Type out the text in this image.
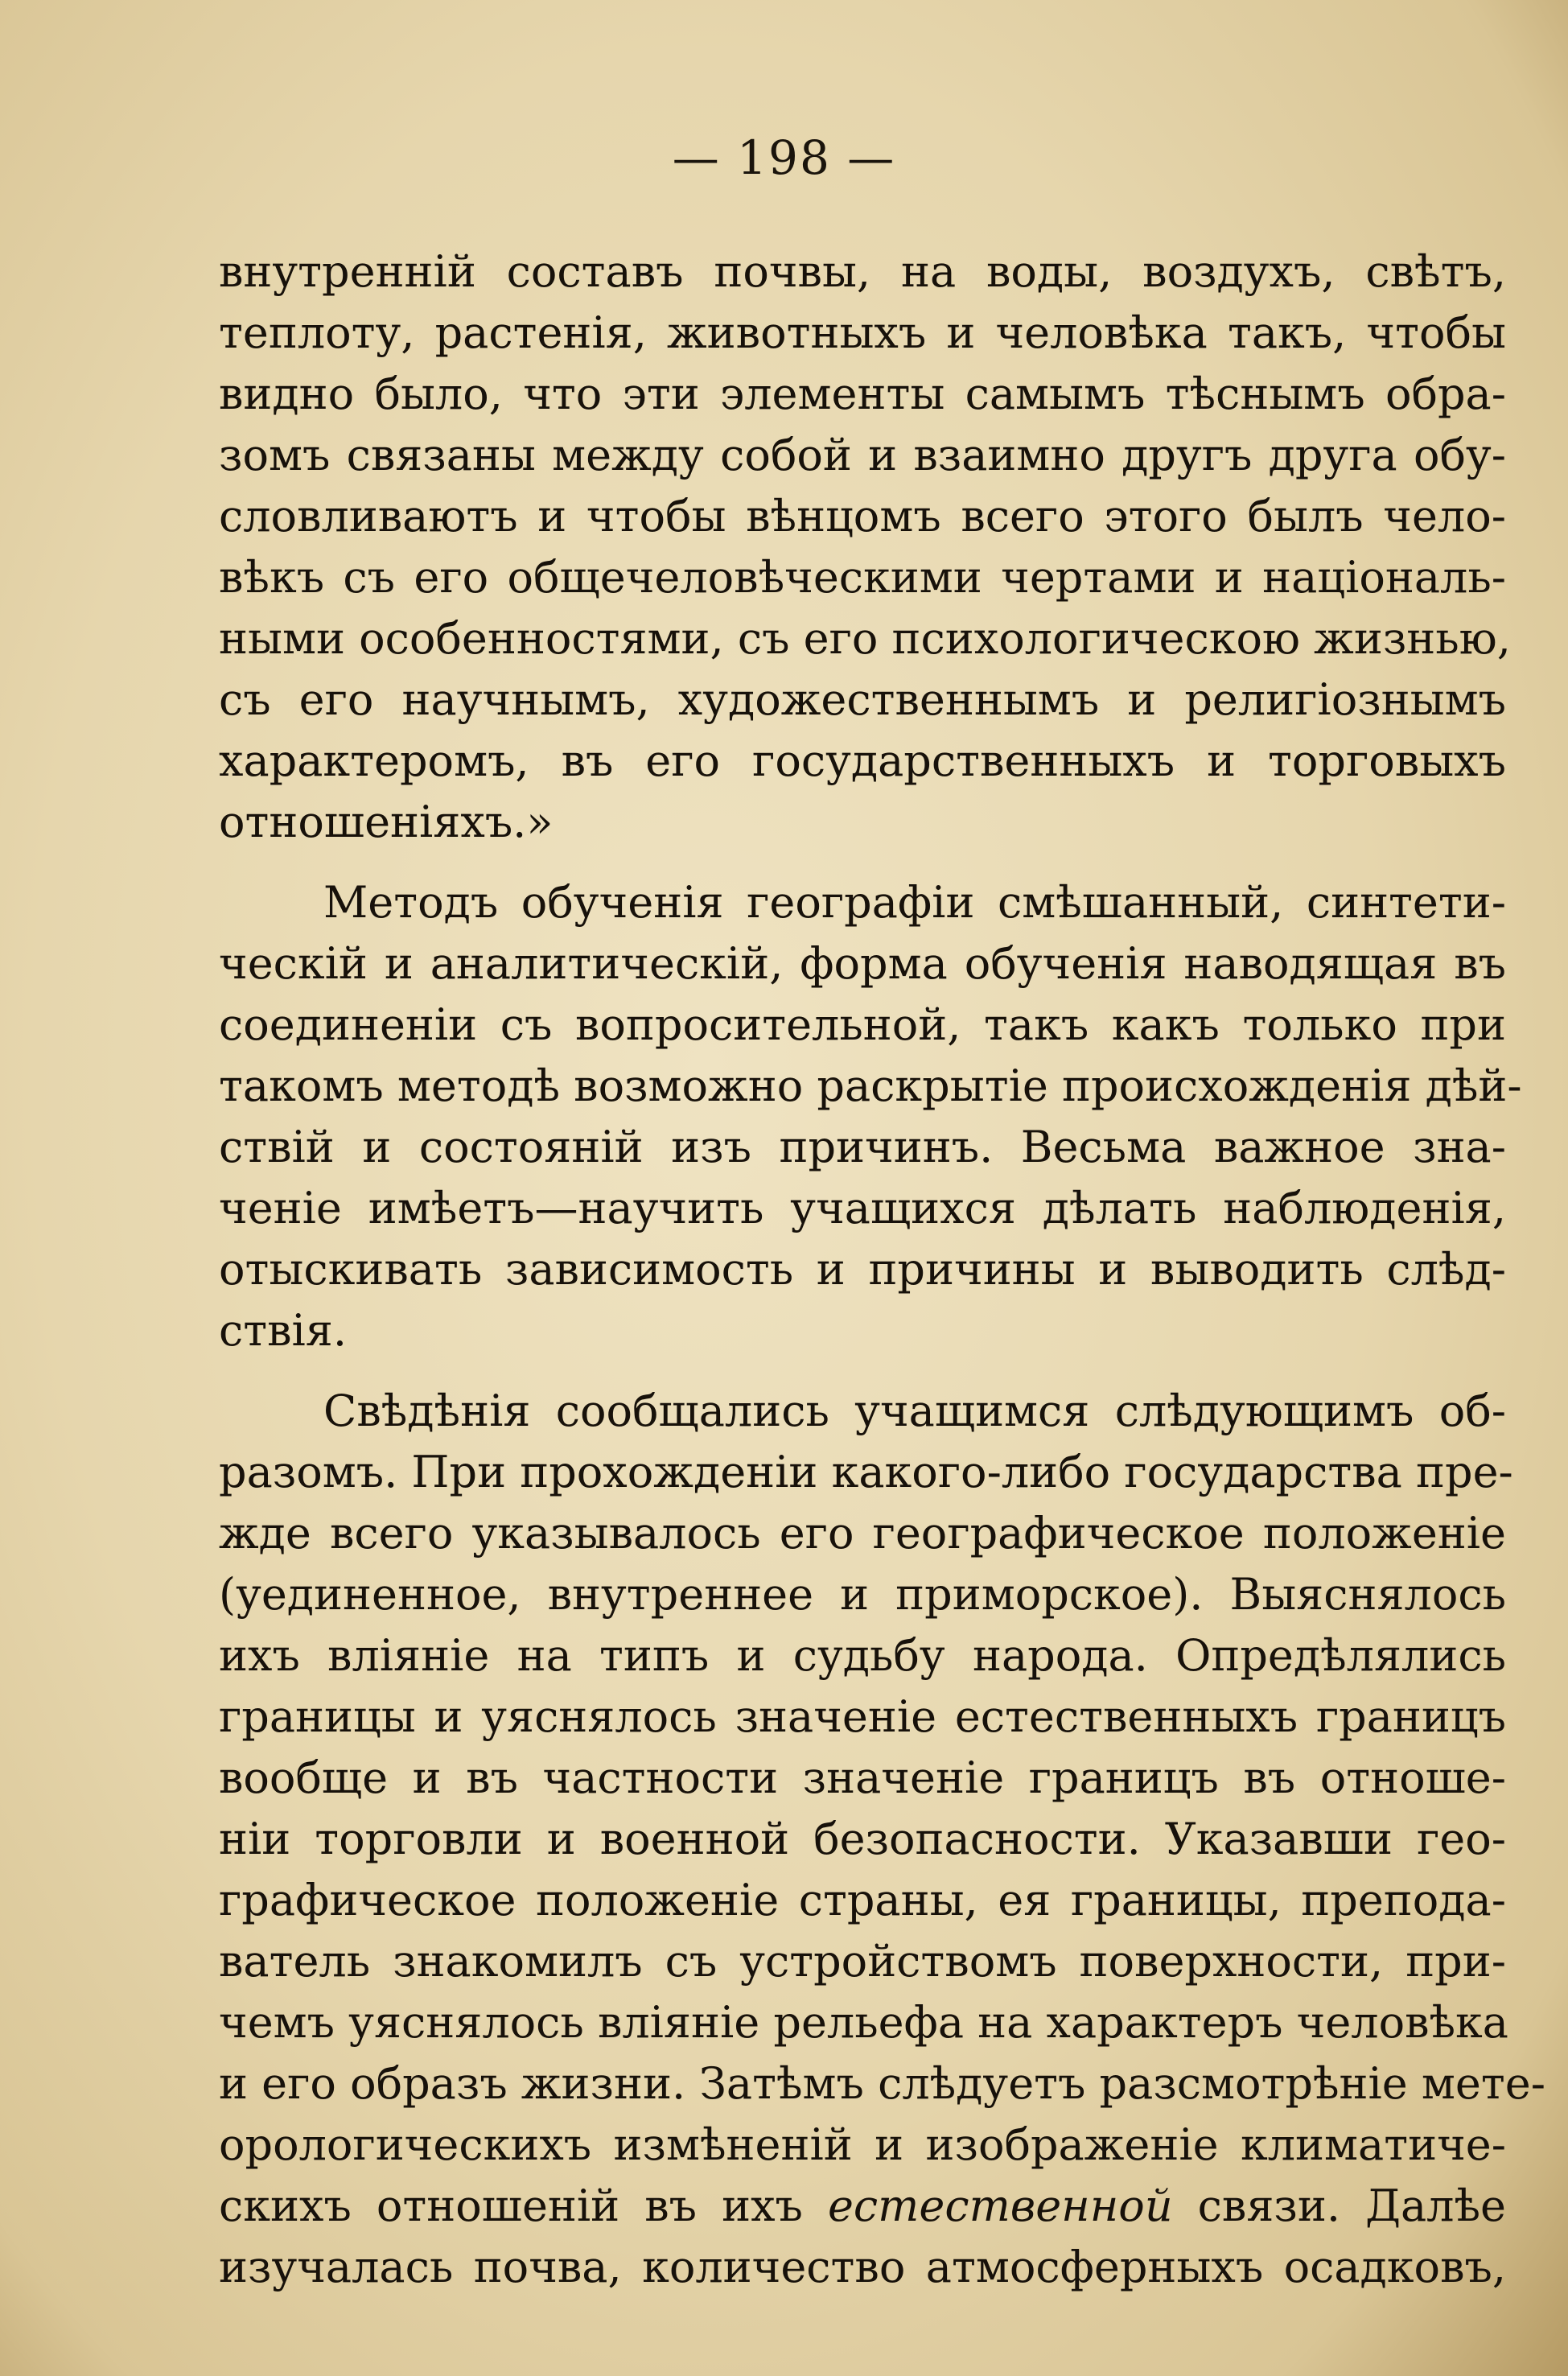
— 198 —
внутренній составъ почвы, на воды, воздухъ, свѣтъ,
теплоту, растенія, животныхъ и человѣка такъ, чтобы
видно было, что эти элементы самымъ тѣснымъ обра-
зомъ связаны между собой и взаимно другъ друга обу-
словливаютъ и чтобы вѣнцомъ всего этого былъ чело-
вѣкъ съ его общечеловѣческими чертами и національ-
ными особенностями, съ его психологическою жизнью,
съ его научнымъ, художественнымъ и религіознымъ
характеромъ, въ его государственныхъ и торговыхъ
отношеніяхъ.»
Методъ обученія географіи смѣшанный, синтети-
ческій и аналитическій, форма обученія наводящая въ
соединеніи съ вопросительной, такъ какъ только при
такомъ методѣ возможно раскрытіе происхожденія дѣй-
ствій и состояній изъ причинъ. Весьма важное зна-
ченіе имѣетъ—научить учащихся дѣлать наблюденія,
отыскивать зависимость и причины и выводить слѣд-
ствія.
Свѣдѣнія сообщались учащимся слѣдующимъ об-
разомъ. При прохожденіи какого-либо государства пре-
жде всего указывалось его географическое положеніе
(уединенное, внутреннее и приморское). Выяснялось
ихъ вліяніе на типъ и судьбу народа. Опредѣлялись
границы и уяснялось значеніе естественныхъ границъ
вообще и въ частности значеніе границъ въ отноше-
ніи торговли и военной безопасности. Указавши гео-
графическое положеніе страны, ея границы, препода-
ватель знакомилъ съ устройствомъ поверхности, при-
чемъ уяснялось вліяніе рельефа на характеръ человѣка
и его образъ жизни. Затѣмъ слѣдуетъ разсмотрѣніе мете-
орологическихъ измѣненій и изображеніе климатиче-
скихъ отношеній въ ихъ естественной связи. Далѣе
изучалась почва, количество атмосферныхъ осадковъ,
